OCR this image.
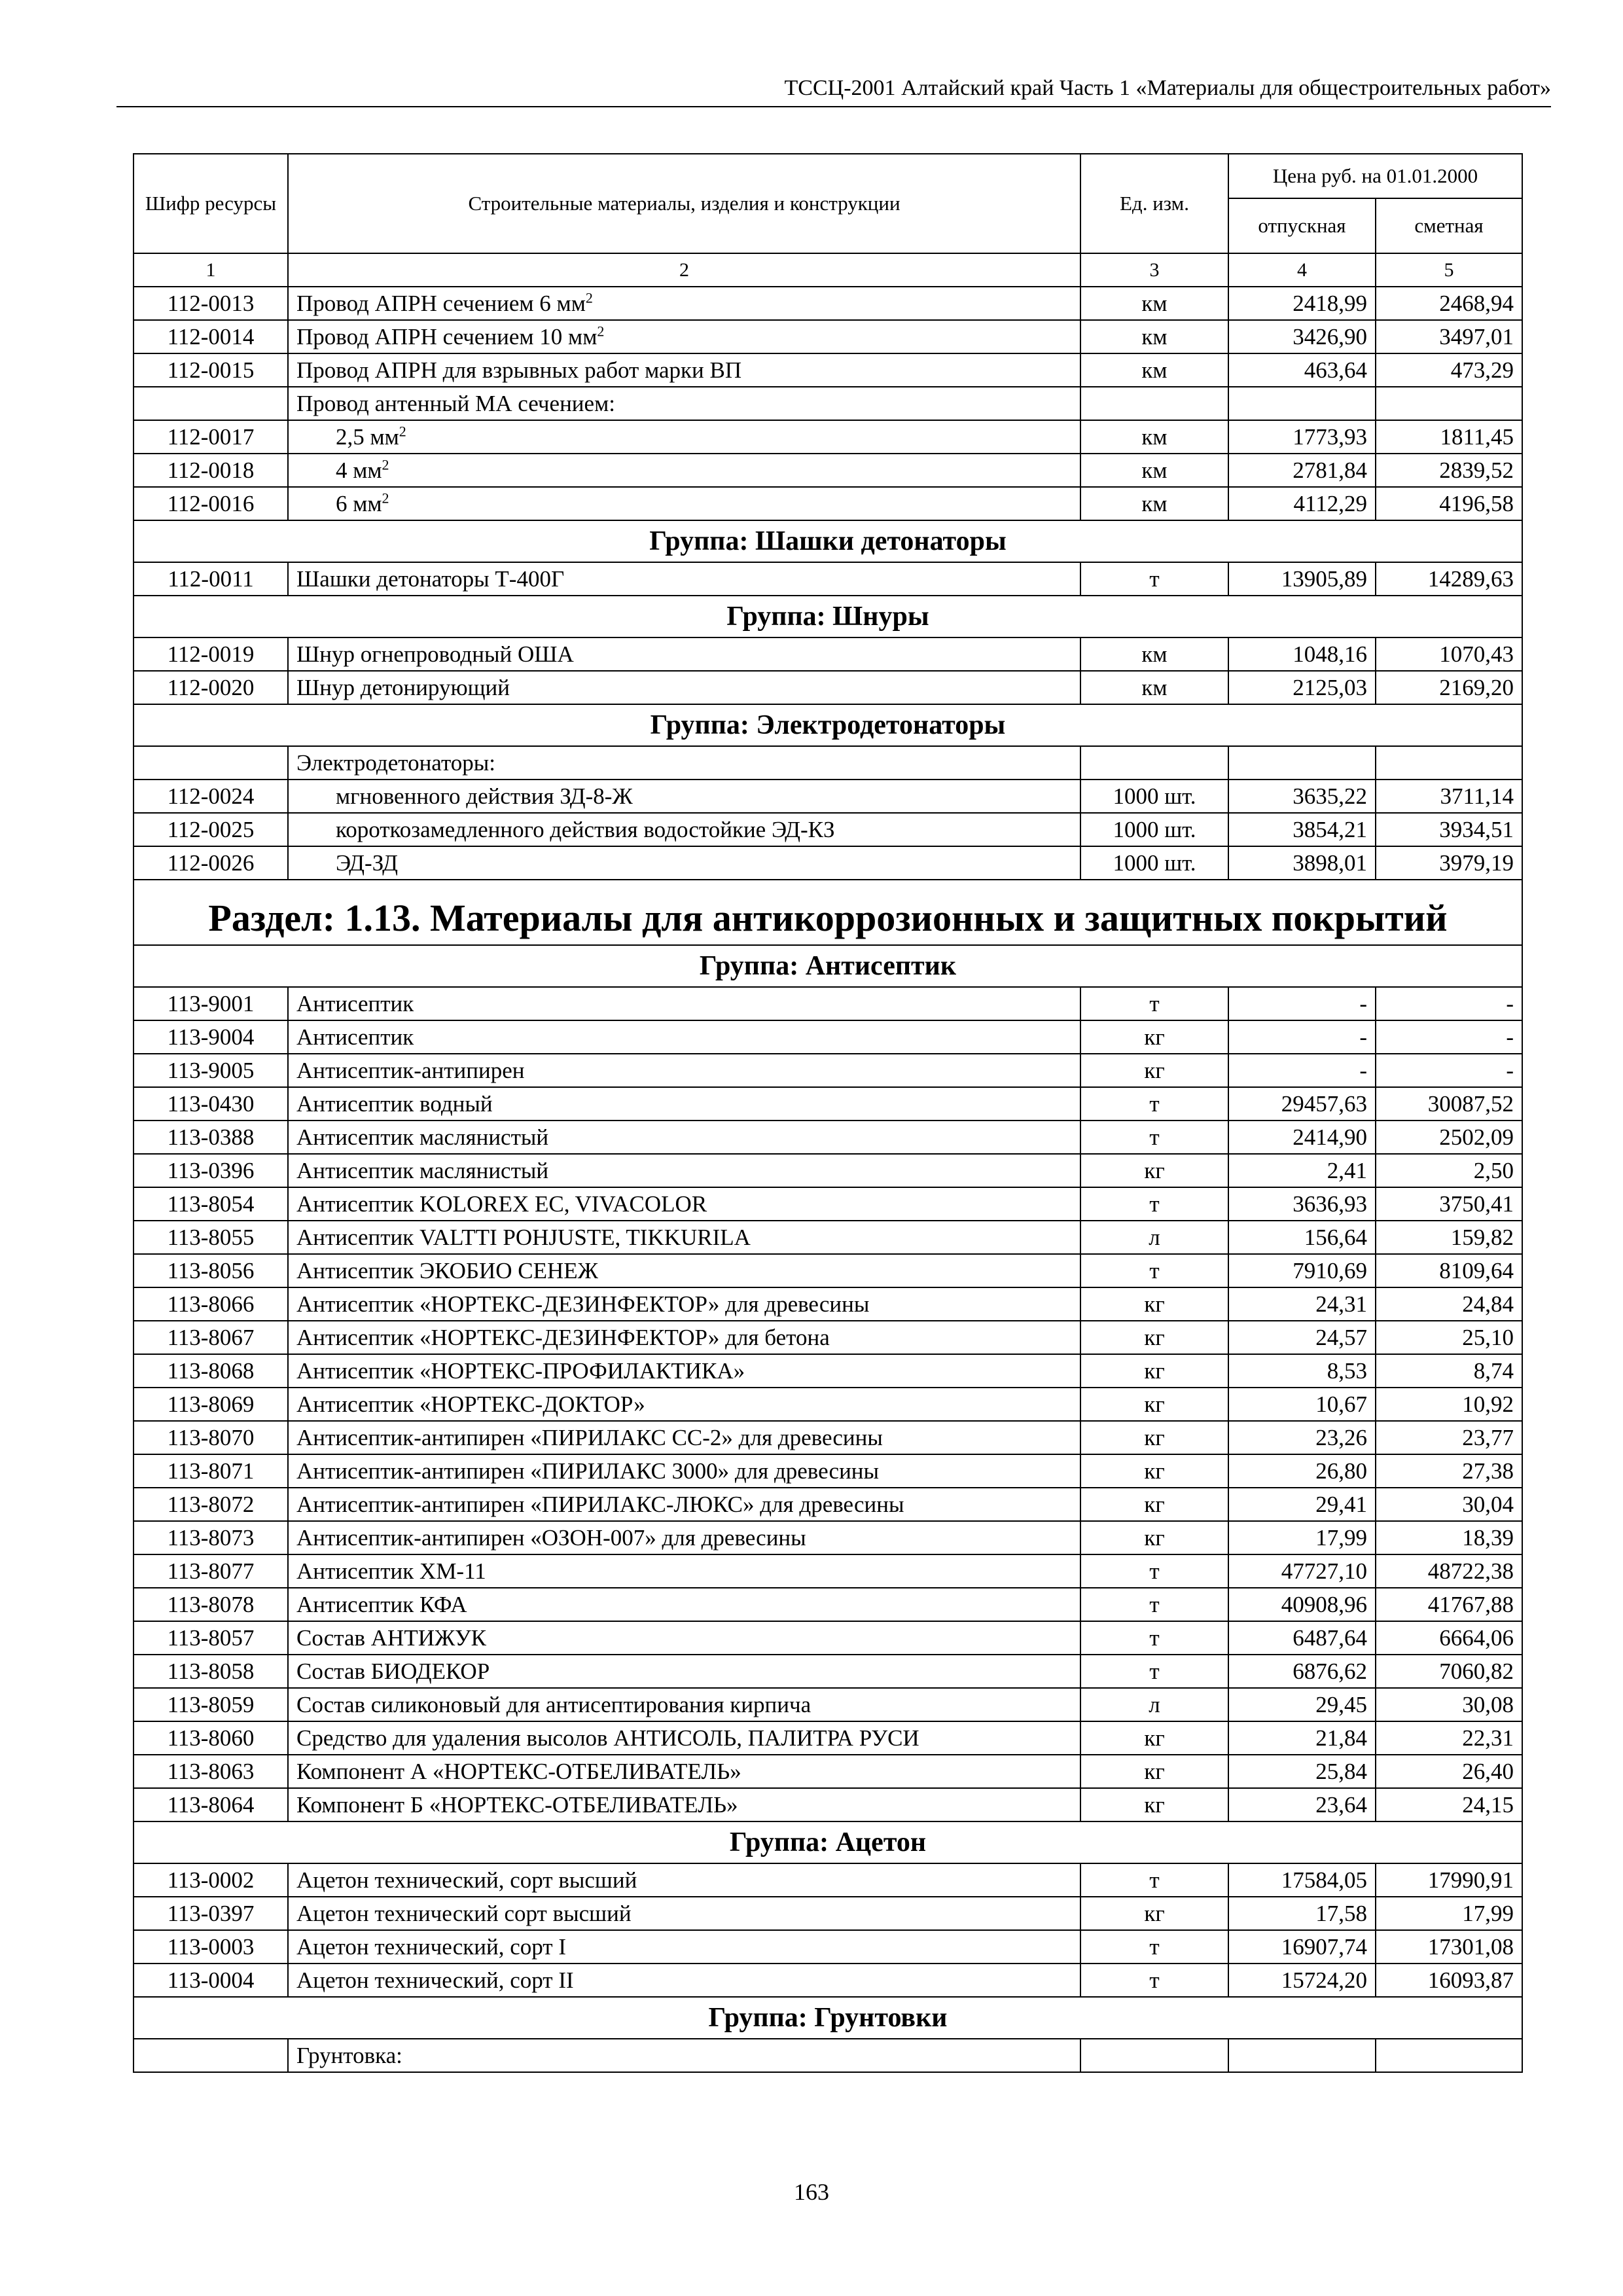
ТССЦ-2001 Алтайский край Часть 1 «Материалы для общестроительных работ»
Шифр ресурсы	Строительные материалы, изделия и конструкции	Ед. изм.	Цена руб. на 01.01.2000	
			отпускная	сметная
1	2	3	4	5
112-0013	Провод АПРН сечением 6 $мм^2$	км	2418,99	2468,94
112-0014	Провод АПРН сечением 10 $мм^2$	км	3426,90	3497,01
112-0015	Провод АПРН для взрывных работ марки ВП	км	463,64	473,29
	Провод антенный МА сечением:			
112-0017	2,5 $мм^2$	км	1773,93	1811,45
112-0018	4 $мм^2$	км	2781,84	2839,52
112-0016	6 $мм^2$	км	4112,29	4196,58
Группа: Шашки детонаторы				
112-0011	Шашки детонаторы Т-400Г	т	13905,89	14289,63
Группа: Шнуры				
112-0019	Шнур огнепроводный ОША	км	1048,16	1070,43
112-0020	Шнур детонирующий	км	2125,03	2169,20
Группа: Электродетонаторы				
	Электродетонаторы:			
112-0024	мгновенного действия ЗД-8-Ж	1000 шт.	3635,22	3711,14
112-0025	короткозамедленного действия водостойкие ЭД-КЗ	1000 шт.	3854,21	3934,51
112-0026	ЭД-ЗД	1000 шт.	3898,01	3979,19
Раздел: 1.13. Материалы для антикоррозионных и защитных покрытий				
Группа: Антисептик				
113-9001	Антисептик	т	-	-
113-9004	Антисептик	кг	-	-
113-9005	Антисептик-антипирен	кг	-	-
113-0430	Антисептик водный	т	29457,63	30087,52
113-0388	Антисептик маслянистый	т	2414,90	2502,09
113-0396	Антисептик маслянистый	кг	2,41	2,50
113-8054	Антисептик KOLOREX EC, VIVACOLOR	т	3636,93	3750,41
113-8055	Антисептик VALTTI POHJUSTE, TIKKURILA	л	156,64	159,82
113-8056	Антисептик ЭКОБИО СЕНЕЖ	т	7910,69	8109,64
113-8066	Антисептик «НОРТЕКС-ДЕЗИНФЕКТОР» для древесины	кг	24,31	24,84
113-8067	Антисептик «НОРТЕКС-ДЕЗИНФЕКТОР» для бетона	кг	24,57	25,10
113-8068	Антисептик «НОРТЕКС-ПРОФИЛАКТИКА»	кг	8,53	8,74
113-8069	Антисептик «НОРТЕКС-ДОКТОР»	кг	10,67	10,92
113-8070	Антисептик-антипирен «ПИРИЛАКС СС-2» для древесины	кг	23,26	23,77
113-8071	Антисептик-антипирен «ПИРИЛАКС 3000» для древесины	кг	26,80	27,38
113-8072	Антисептик-антипирен «ПИРИЛАКС-ЛЮКС» для древесины	кг	29,41	30,04
113-8073	Антисептик-антипирен «ОЗОН-007» для древесины	кг	17,99	18,39
113-8077	Антисептик ХМ-11	т	47727,10	48722,38
113-8078	Антисептик КФА	т	40908,96	41767,88
113-8057	Состав АНТИЖУК	т	6487,64	6664,06
113-8058	Состав БИОДЕКОР	т	6876,62	7060,82
113-8059	Состав силиконовый для антисептирования кирпича	л	29,45	30,08
113-8060	Средство для удаления высолов АНТИСОЛЬ, ПАЛИТРА РУСИ	кг	21,84	22,31
113-8063	Компонент А «НОРТЕКС-ОТБЕЛИВАТЕЛЬ»	кг	25,84	26,40
113-8064	Компонент Б «НОРТЕКС-ОТБЕЛИВАТЕЛЬ»	кг	23,64	24,15
Группа: Ацетон				
113-0002	Ацетон технический, сорт высший	т	17584,05	17990,91
113-0397	Ацетон технический сорт высший	кг	17,58	17,99
113-0003	Ацетон технический, сорт I	т	16907,74	17301,08
113-0004	Ацетон технический, сорт II	т	15724,20	16093,87
Группа: Грунтовки				
	Грунтовка:			
163
